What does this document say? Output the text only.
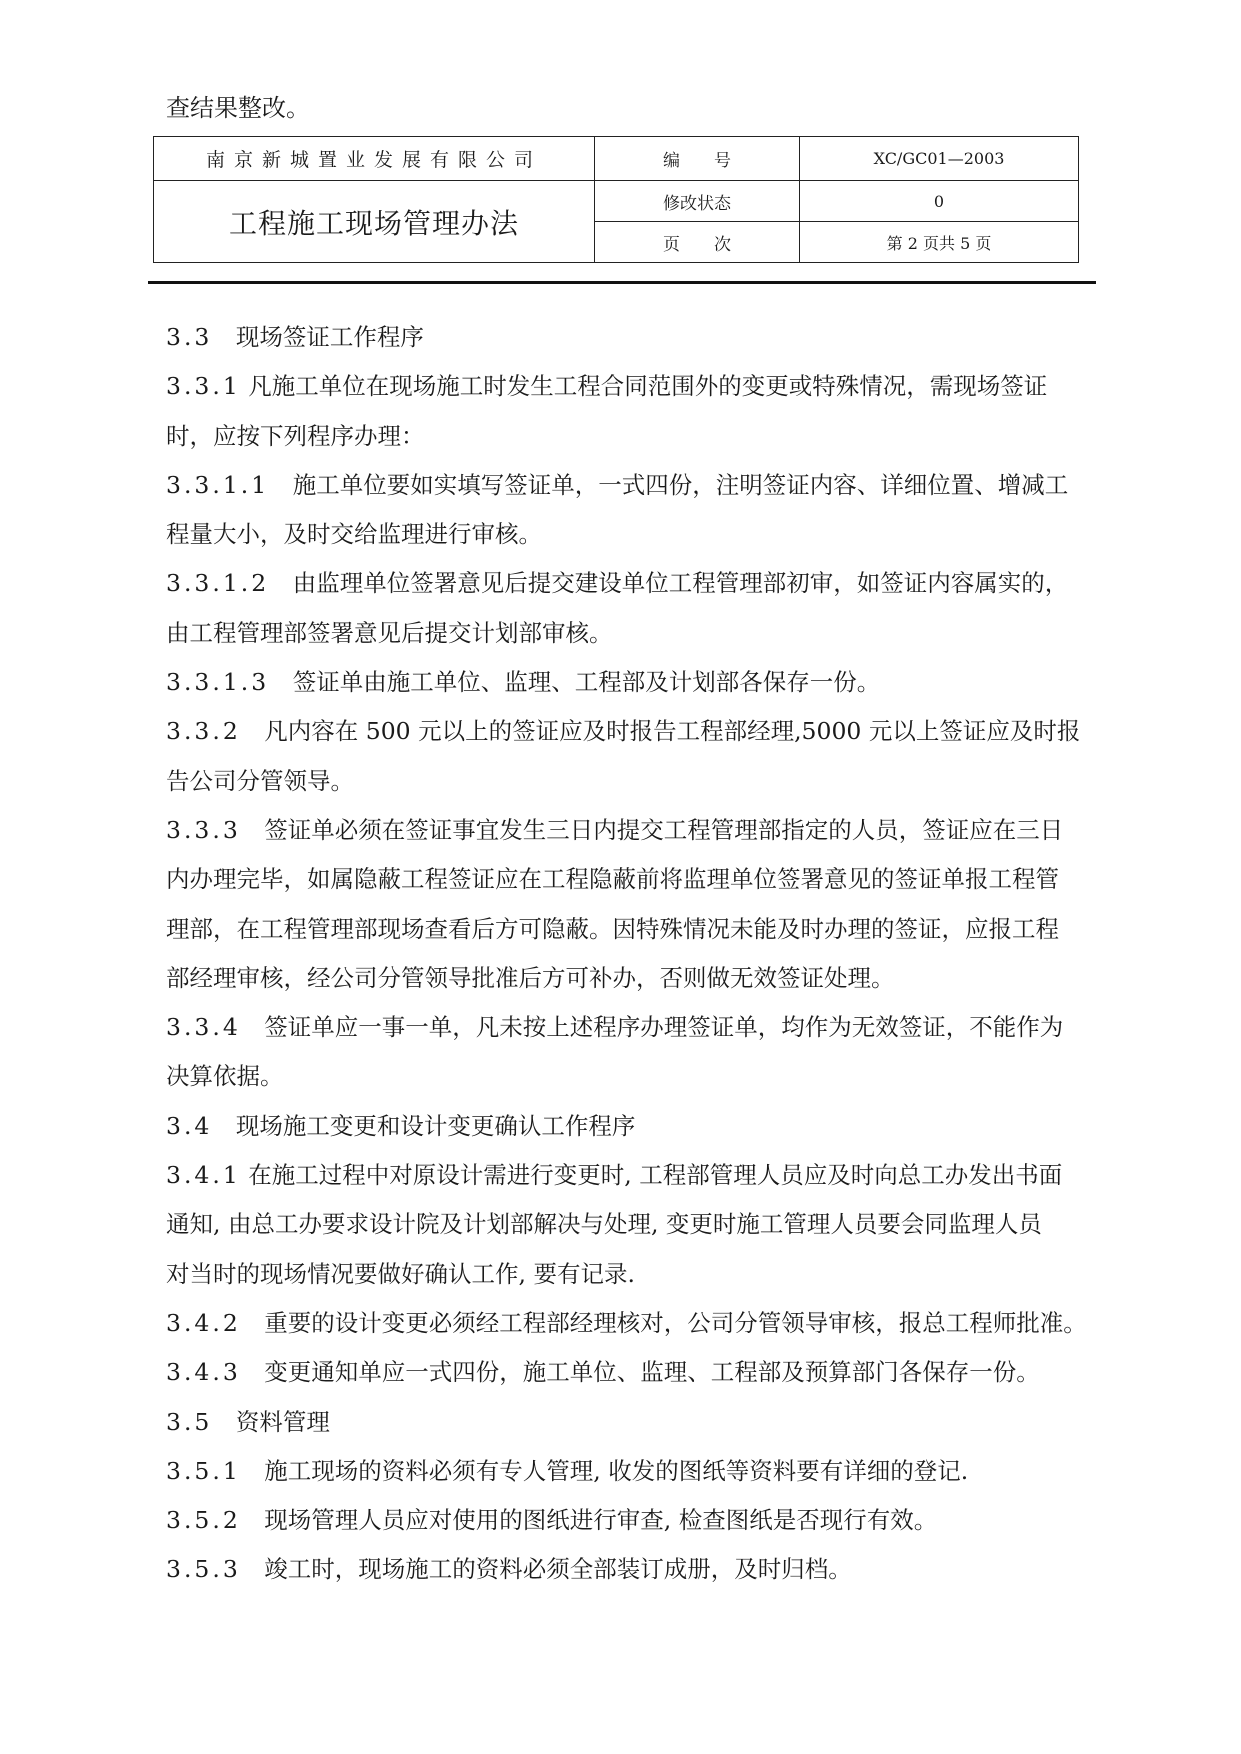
查结果整改。
南京新城置业发展有限公司	编　　号	XC/GC01—2003
工程施工现场管理办法	修改状态	0
	页　　次	第 2 页共 5 页

3.3　 现场签证工作程序

3.3.1 凡施工单位在现场施工时发生工程合同范围外的变更或特殊情况，需现场签证

时，应按下列程序办理：

3.3.1.1　 施工单位要如实填写签证单，一式四份，注明签证内容、详细位置、增减工

程量大小，及时交给监理进行审核。

3.3.1.2　 由监理单位签署意见后提交建设单位工程管理部初审，如签证内容属实的，

由工程管理部签署意见后提交计划部审核。

3.3.1.3　 签证单由施工单位、监理、工程部及计划部各保存一份。

3.3.2　 凡内容在 500 元以上的签证应及时报告工程部经理,5000 元以上签证应及时报

告公司分管领导。

3.3.3　 签证单必须在签证事宜发生三日内提交工程管理部指定的人员，签证应在三日

内办理完毕，如属隐蔽工程签证应在工程隐蔽前将监理单位签署意见的签证单报工程管

理部，在工程管理部现场查看后方可隐蔽。因特殊情况未能及时办理的签证，应报工程

部经理审核，经公司分管领导批准后方可补办，否则做无效签证处理。

3.3.4　 签证单应一事一单，凡未按上述程序办理签证单，均作为无效签证，不能作为

决算依据。

3.4　 现场施工变更和设计变更确认工作程序

3.4.1 在施工过程中对原设计需进行变更时, 工程部管理人员应及时向总工办发出书面

通知, 由总工办要求设计院及计划部解决与处理, 变更时施工管理人员要会同监理人员

对当时的现场情况要做好确认工作, 要有记录.

3.4.2　 重要的设计变更必须经工程部经理核对，公司分管领导审核，报总工程师批准。

3.4.3　 变更通知单应一式四份，施工单位、监理、工程部及预算部门各保存一份。

3.5　 资料管理

3.5.1　 施工现场的资料必须有专人管理, 收发的图纸等资料要有详细的登记.

3.5.2　 现场管理人员应对使用的图纸进行审查, 检查图纸是否现行有效。

3.5.3　 竣工时，现场施工的资料必须全部装订成册，及时归档。
